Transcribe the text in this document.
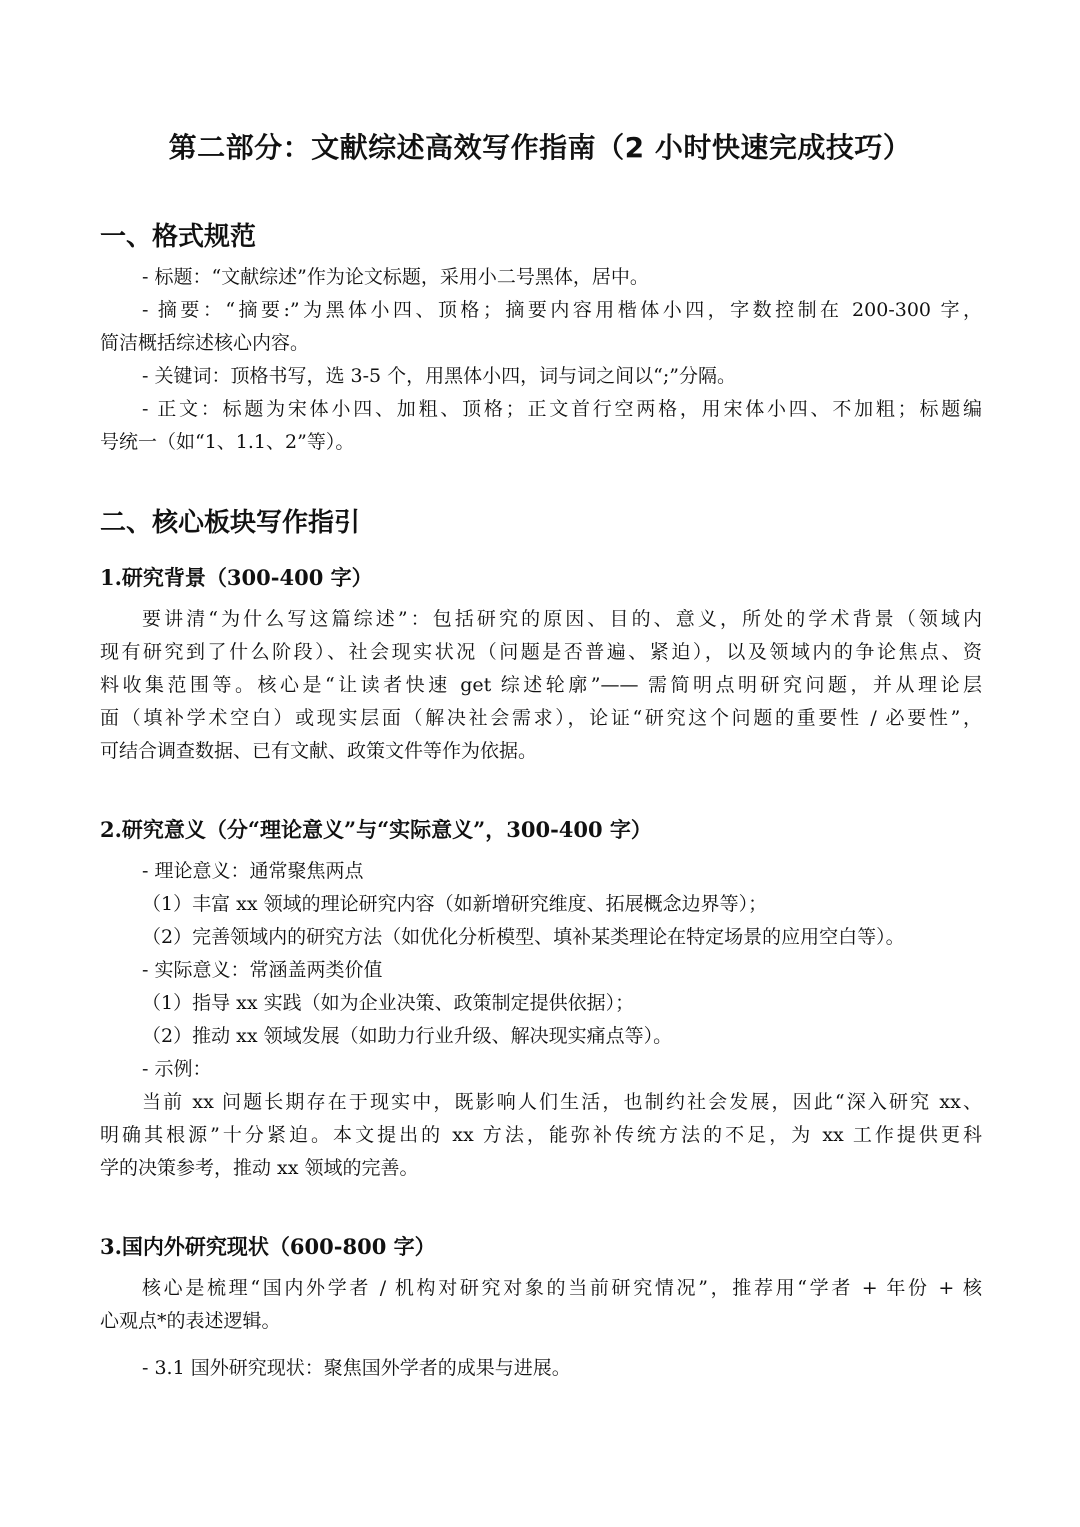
第二部分：文献综述高效写作指南（2 小时快速完成技巧）
一、格式规范
- 标题：“文献综述”作为论文标题，采用小二号黑体，居中。
- 摘要：“摘要:”为黑体小四、顶格；摘要内容用楷体小四，字数控制在 200-300 字，
简洁概括综述核心内容。
- 关键词：顶格书写，选 3-5 个，用黑体小四，词与词之间以“;”分隔。
- 正文：标题为宋体小四、加粗、顶格；正文首行空两格，用宋体小四、不加粗；标题编
号统一（如“1、1.1、2”等）。
二、核心板块写作指引
1.研究背景（300-400 字）
要讲清“为什么写这篇综述”：包括研究的原因、目的、意义，所处的学术背景（领域内
现有研究到了什么阶段）、社会现实状况（问题是否普遍、紧迫），以及领域内的争论焦点、资
料收集范围等。核心是“让读者快速 get 综述轮廓”—— 需简明点明研究问题，并从理论层
面（填补学术空白）或现实层面（解决社会需求），论证“研究这个问题的重要性 / 必要性”，
可结合调查数据、已有文献、政策文件等作为依据。
2.研究意义（分“理论意义”与“实际意义”，300-400 字）
- 理论意义：通常聚焦两点
（1）丰富 xx 领域的理论研究内容（如新增研究维度、拓展概念边界等）；
（2）完善领域内的研究方法（如优化分析模型、填补某类理论在特定场景的应用空白等）。
- 实际意义：常涵盖两类价值
（1）指导 xx 实践（如为企业决策、政策制定提供依据）；
（2）推动 xx 领域发展（如助力行业升级、解决现实痛点等）。
- 示例：
当前 xx 问题长期存在于现实中，既影响人们生活，也制约社会发展，因此“深入研究 xx、
明确其根源”十分紧迫。本文提出的 xx 方法，能弥补传统方法的不足，为 xx 工作提供更科
学的决策参考，推动 xx 领域的完善。
3.国内外研究现状（600-800 字）
核心是梳理“国内外学者 / 机构对研究对象的当前研究情况”，推荐用“学者 + 年份 + 核
心观点*的表述逻辑。
- 3.1 国外研究现状：聚焦国外学者的成果与进展。
